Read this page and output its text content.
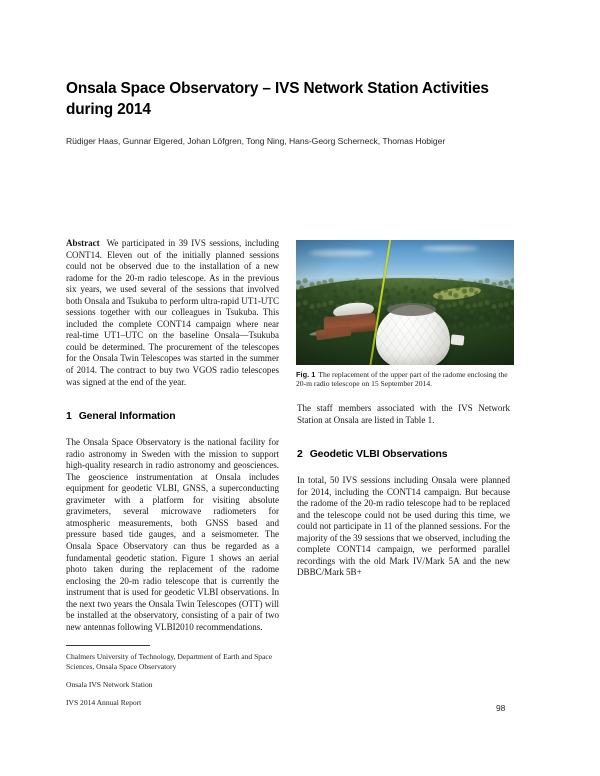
Onsala Space Observatory – IVS Network Station Activities during 2014
Rüdiger Haas, Gunnar Elgered, Johan Löfgren, Tong Ning, Hans-Georg Scherneck, Thomas Hobiger

Abstract We participated in 39 IVS sessions, including CONT14. Eleven out of the initially planned sessions could not be observed due to the installation of a new radome for the 20-m radio telescope. As in the previous six years, we used several of the sessions that involved both Onsala and Tsukuba to perform ultra-rapid UT1-UTC sessions together with our colleagues in Tsukuba. This included the complete CONT14 campaign where near real-time UT1–UTC on the baseline Onsala—Tsukuba could be determined. The procurement of the telescopes for the Onsala Twin Telescopes was started in the summer of 2014. The contract to buy two VGOS radio telescopes was signed at the end of the year.

1 General Information

The Onsala Space Observatory is the national facility for radio astronomy in Sweden with the mission to support high-quality research in radio astronomy and geosciences. The geoscience instrumentation at Onsala includes equipment for geodetic VLBI, GNSS, a superconducting gravimeter with a platform for visiting absolute gravimeters, several microwave radiometers for atmospheric measurements, both GNSS based and pressure based tide gauges, and a seismometer. The Onsala Space Observatory can thus be regarded as a fundamental geodetic station. Figure 1 shows an aerial photo taken during the replacement of the radome enclosing the 20-m radio telescope that is currently the instrument that is used for geodetic VLBI observations. In the next two years the Onsala Twin Telescopes (OTT) will be installed at the observatory, consisting of a pair of two new antennas following VLBI2010 recommendations.

Fig. 1 The replacement of the upper part of the radome enclosing the 20-m radio telescope on 15 September 2014.

The staff members associated with the IVS Network Station at Onsala are listed in Table 1.

2 Geodetic VLBI Observations

In total, 50 IVS sessions including Onsala were planned for 2014, including the CONT14 campaign. But because the radome of the 20-m radio telescope had to be replaced and the telescope could not be used during this time, we could not participate in 11 of the planned sessions. For the majority of the 39 sessions that we observed, including the complete CONT14 campaign, we performed parallel recordings with the old Mark IV/Mark 5A and the new DBBC/Mark 5B+

Chalmers University of Technology, Department of Earth and Space Sciences, Onsala Space Observatory

Onsala IVS Network Station

IVS 2014 Annual Report

98
